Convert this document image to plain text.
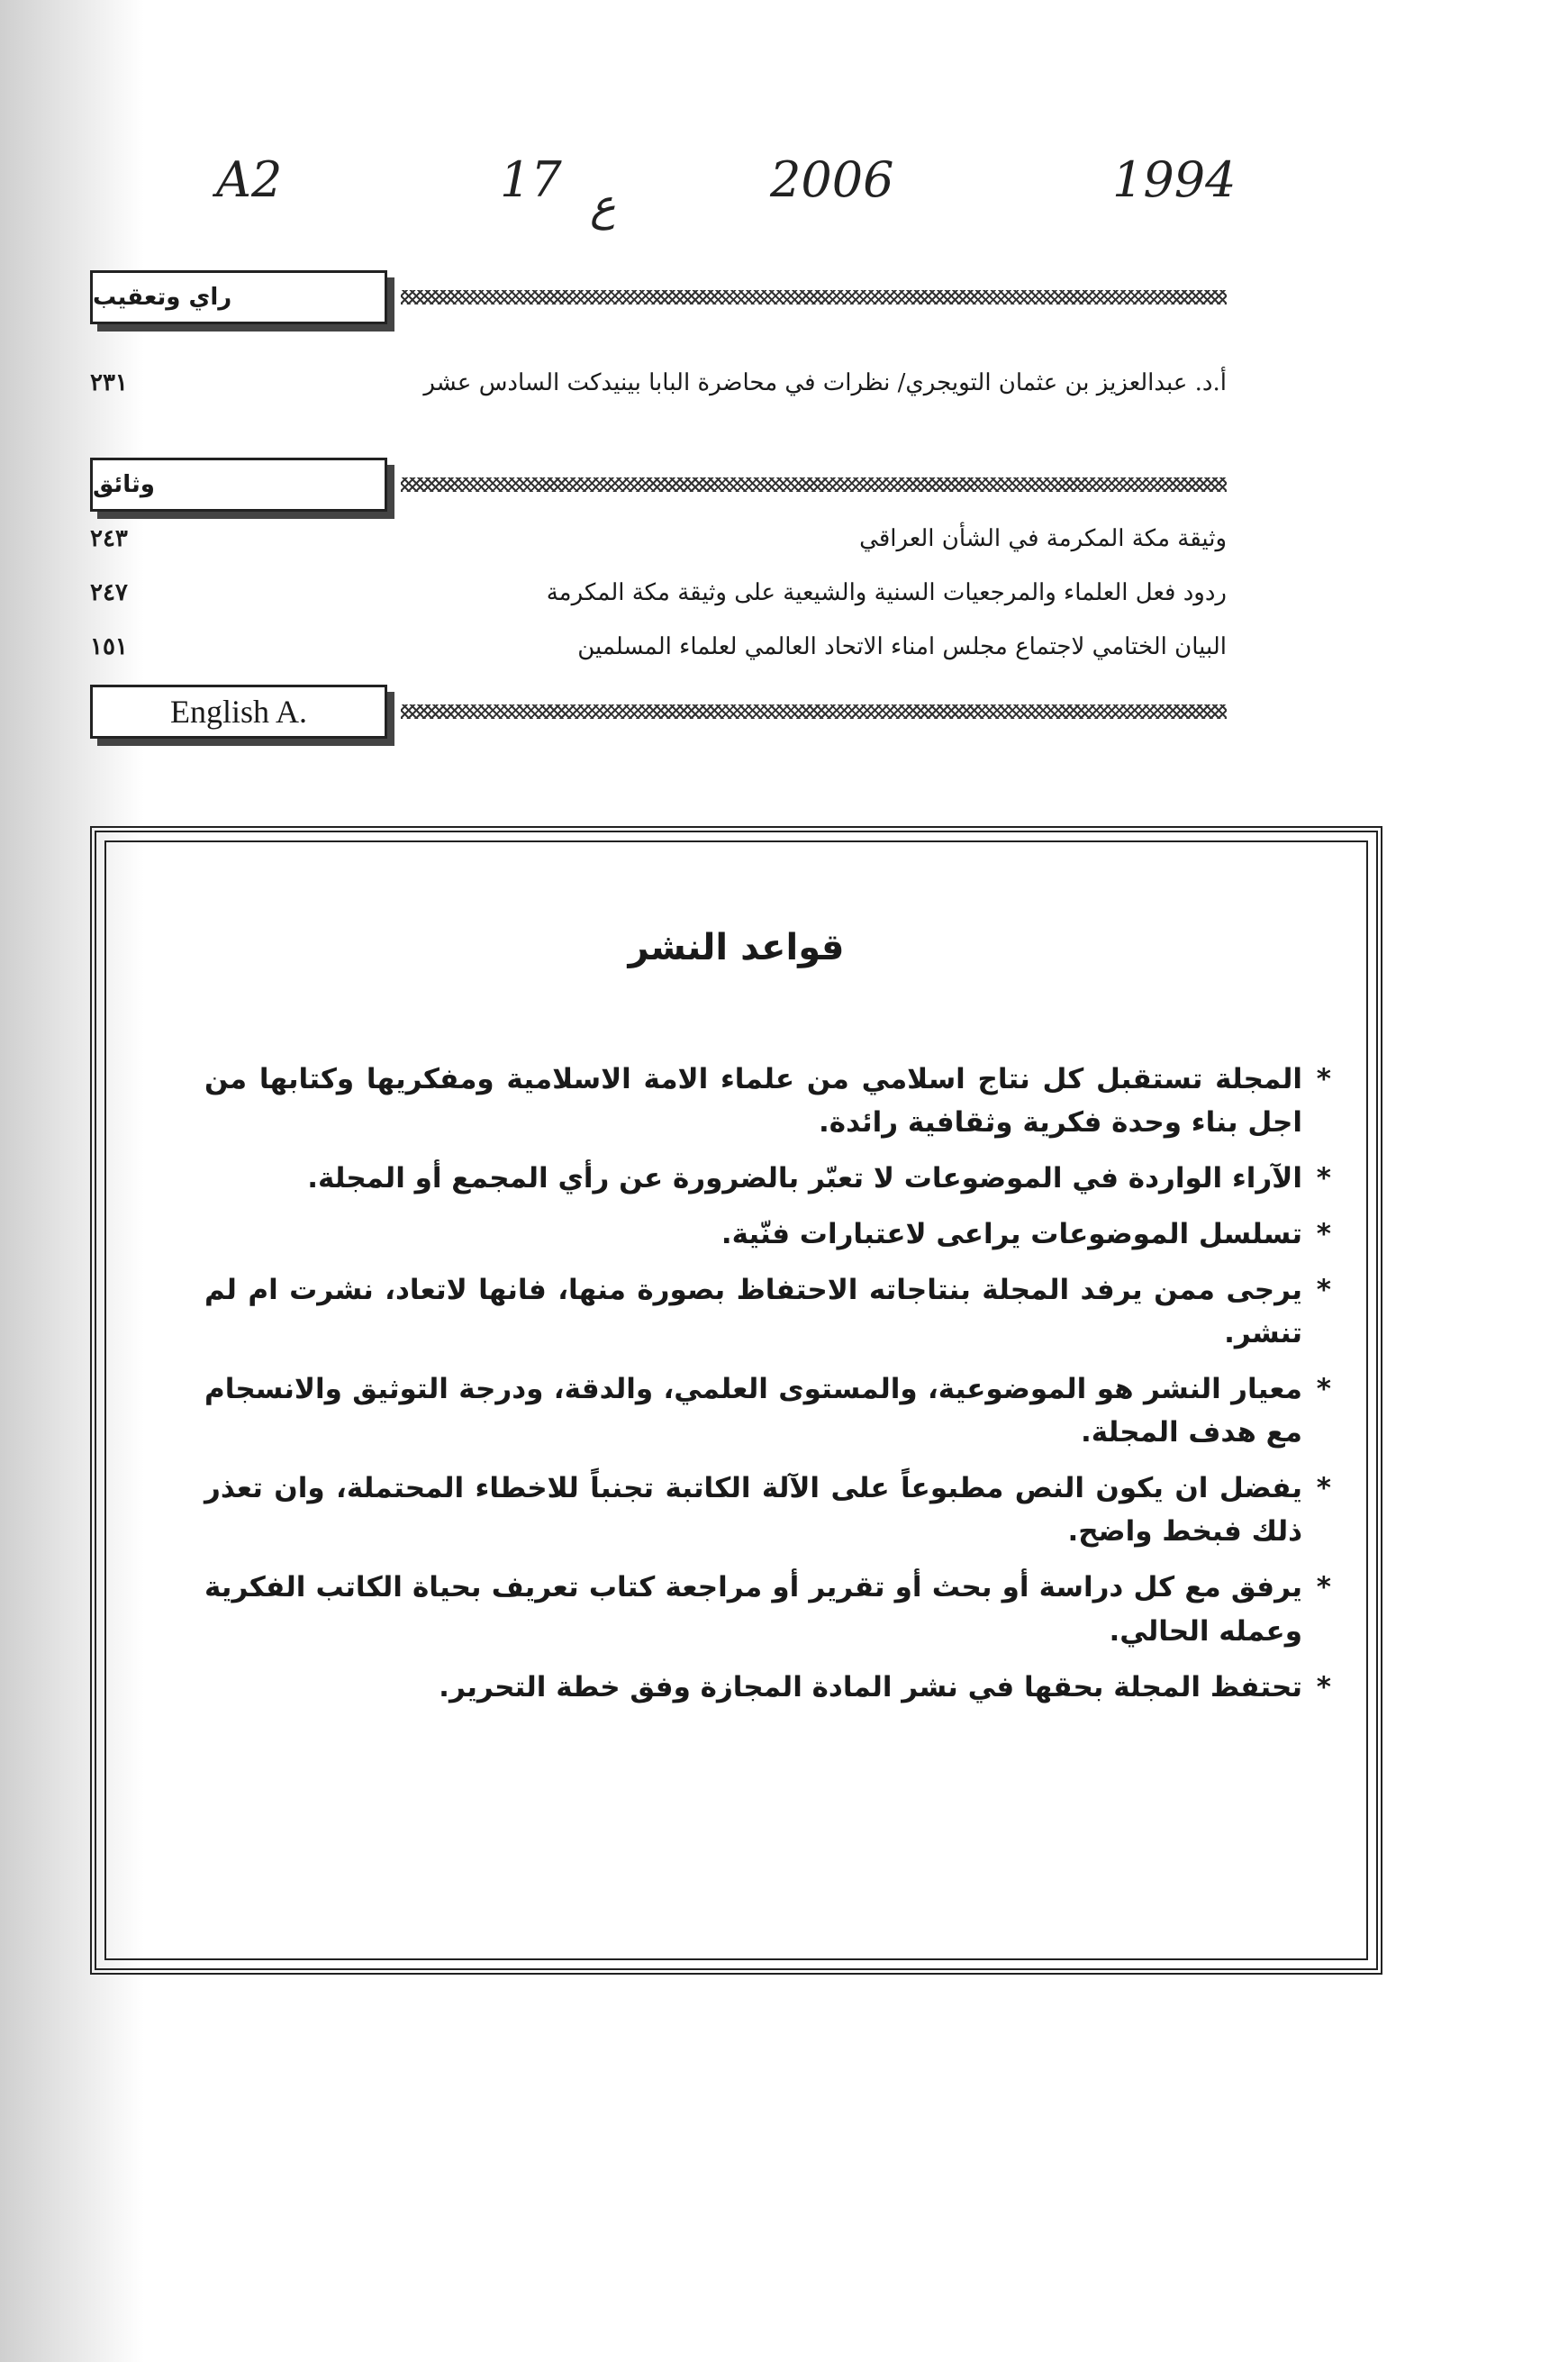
A2	17 ع	2006	1994
راي وتعقيب
٢٣١	أ.د. عبدالعزيز بن عثمان التويجري/ نظرات في محاضرة البابا بينيدكت السادس عشر
وثائق
٢٤٣	وثيقة مكة المكرمة في الشأن العراقي
٢٤٧	ردود فعل العلماء والمرجعيات السنية والشيعية على وثيقة مكة المكرمة
١٥١	البيان الختامي لاجتماع مجلس امناء الاتحاد العالمي لعلماء المسلمين
English A.
قواعد النشر
* المجلة تستقبل كل نتاج اسلامي من علماء الامة الاسلامية ومفكريها وكتابها من اجل بناء وحدة فكرية وثقافية رائدة.
* الآراء الواردة في الموضوعات لا تعبّر بالضرورة عن رأي المجمع أو المجلة.
* تسلسل الموضوعات يراعى لاعتبارات فنّية.
* يرجى ممن يرفد المجلة بنتاجاته الاحتفاظ بصورة منها، فانها لاتعاد، نشرت ام لم تنشر.
* معيار النشر هو الموضوعية، والمستوى العلمي، والدقة، ودرجة التوثيق والانسجام مع هدف المجلة.
* يفضل ان يكون النص مطبوعاً على الآلة الكاتبة تجنباً للاخطاء المحتملة، وان تعذر ذلك فبخط واضح.
* يرفق مع كل دراسة أو بحث أو تقرير أو مراجعة كتاب تعريف بحياة الكاتب الفكرية وعمله الحالي.
* تحتفظ المجلة بحقها في نشر المادة المجازة وفق خطة التحرير.
